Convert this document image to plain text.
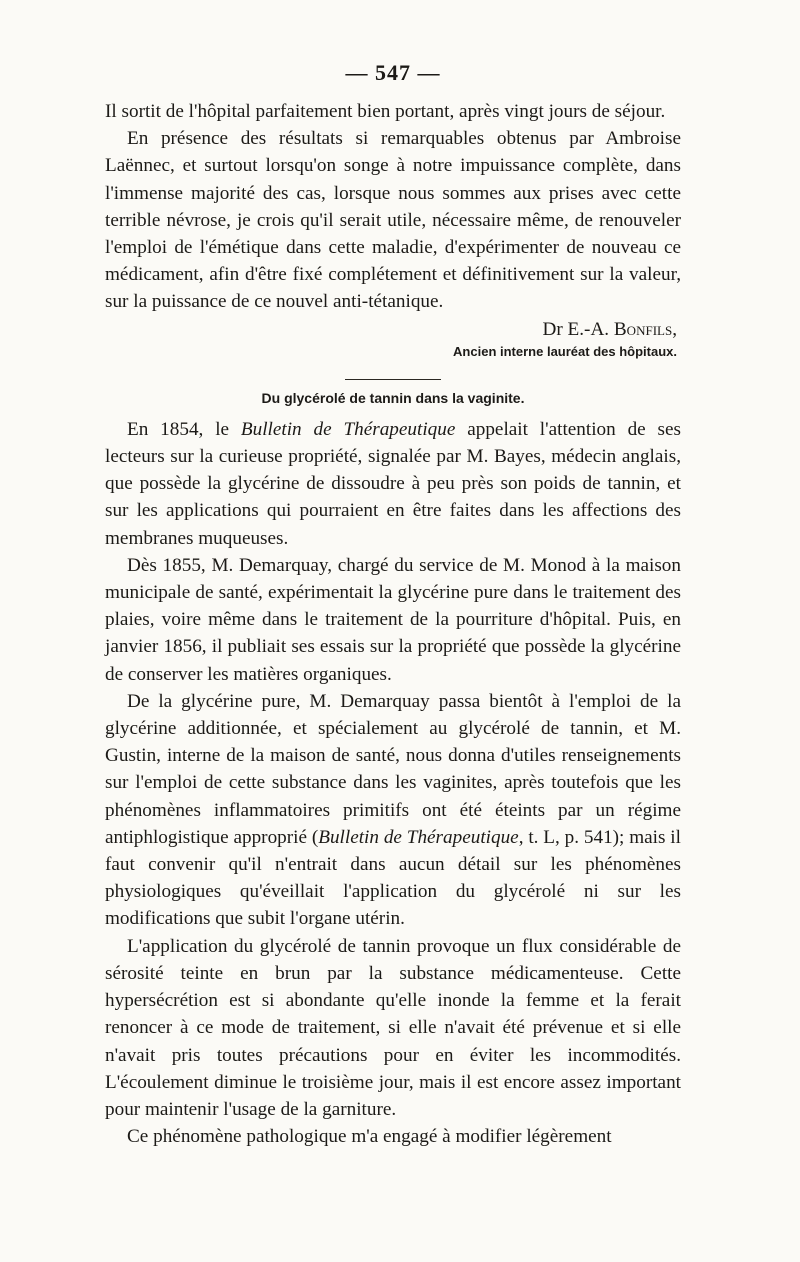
— 547 —

Il sortit de l'hôpital parfaitement bien portant, après vingt jours de séjour.

En présence des résultats si remarquables obtenus par Ambroise Laënnec, et surtout lorsqu'on songe à notre impuissance complète, dans l'immense majorité des cas, lorsque nous sommes aux prises avec cette terrible névrose, je crois qu'il serait utile, nécessaire même, de renouveler l'emploi de l'émétique dans cette maladie, d'expérimenter de nouveau ce médicament, afin d'être fixé complétement et définitivement sur la valeur, sur la puissance de ce nouvel anti-tétanique.

Dr E.-A. Bonfils,
Ancien interne lauréat des hôpitaux.
Du glycérolé de tannin dans la vaginite.

En 1854, le Bulletin de Thérapeutique appelait l'attention de ses lecteurs sur la curieuse propriété, signalée par M. Bayes, médecin anglais, que possède la glycérine de dissoudre à peu près son poids de tannin, et sur les applications qui pourraient en être faites dans les affections des membranes muqueuses.

Dès 1855, M. Demarquay, chargé du service de M. Monod à la maison municipale de santé, expérimentait la glycérine pure dans le traitement des plaies, voire même dans le traitement de la pourriture d'hôpital. Puis, en janvier 1856, il publiait ses essais sur la propriété que possède la glycérine de conserver les matières organiques.

De la glycérine pure, M. Demarquay passa bientôt à l'emploi de la glycérine additionnée, et spécialement au glycérolé de tannin, et M. Gustin, interne de la maison de santé, nous donna d'utiles renseignements sur l'emploi de cette substance dans les vaginites, après toutefois que les phénomènes inflammatoires primitifs ont été éteints par un régime antiphlogistique approprié (Bulletin de Thérapeutique, t. L, p. 541); mais il faut convenir qu'il n'entrait dans aucun détail sur les phénomènes physiologiques qu'éveillait l'application du glycérolé ni sur les modifications que subit l'organe utérin.

L'application du glycérolé de tannin provoque un flux considérable de sérosité teinte en brun par la substance médicamenteuse. Cette hypersécrétion est si abondante qu'elle inonde la femme et la ferait renoncer à ce mode de traitement, si elle n'avait été prévenue et si elle n'avait pris toutes précautions pour en éviter les incommodités. L'écoulement diminue le troisième jour, mais il est encore assez important pour maintenir l'usage de la garniture.

Ce phénomène pathologique m'a engagé à modifier légèrement
